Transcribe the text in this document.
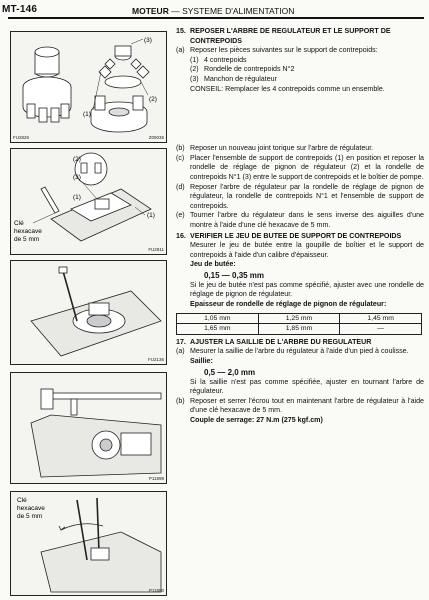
MT-146	MOTEUR — SYSTEME D'ALIMENTATION
(3)
(2)
(1)
FU2826	Z09036
(2)
(3)
(1)
(1)
Clé
hexacave
de 5 mm
FU2811
FU2136
P11898
Clé
hexacave
de 5 mm
P11880
15. REPOSER L'ARBRE DE REGULATEUR ET LE SUPPORT DE CONTREPOIDS
(a) Reposer les pièces suivantes sur le support de contrepoids:
(1) 4 contrepoids
(2) Rondelle de contrepoids N°2
(3) Manchon de régulateur
CONSEIL: Remplacer les 4 contrepoids comme un ensemble.
(b) Reposer un nouveau joint torique sur l'arbre de régulateur.
(c) Placer l'ensemble de support de contrepoids (1) en position et reposer la rondelle de réglage de pignon de régulateur (2) et la rondelle de contrepoids N°1 (3) entre le support de contrepoids et le boîtier de pompe.
(d) Reposer l'arbre de régulateur par la rondelle de réglage de pignon de régulateur, la rondelle de contrepoids N°1 et l'ensemble de support de contrepoids.
(e) Tourner l'arbre du régulateur dans le sens inverse des aiguilles d'une montre à l'aide d'une clé hexacave de 5 mm.
16. VERIFIER LE JEU DE BUTEE DE SUPPORT DE CONTREPOIDS
Mesurer le jeu de butée entre la goupille de boîtier et le support de contrepoids à l'aide d'un calibre d'épaisseur.
Jeu de butée:
0,15 — 0,35 mm
Si le jeu de butée n'est pas comme spécifié, ajuster avec une rondelle de réglage de pignon de régulateur.
Epaisseur de rondelle de réglage de pignon de régulateur:
1,05 mm	1,25 mm	1,45 mm
1,65 mm	1,85 mm	—
17. AJUSTER LA SAILLIE DE L'ARBRE DU REGULATEUR
(a) Mesurer la saillie de l'arbre du régulateur à l'aide d'un pied à coulisse.
Saillie:
0,5 — 2,0 mm
Si la saillie n'est pas comme spécifiée, ajuster en tournant l'arbre de régulateur.
(b) Reposer et serrer l'écrou tout en maintenant l'arbre de régulateur à l'aide d'une clé hexacave de 5 mm.
Couple de serrage: 27 N.m (275 kgf.cm)
